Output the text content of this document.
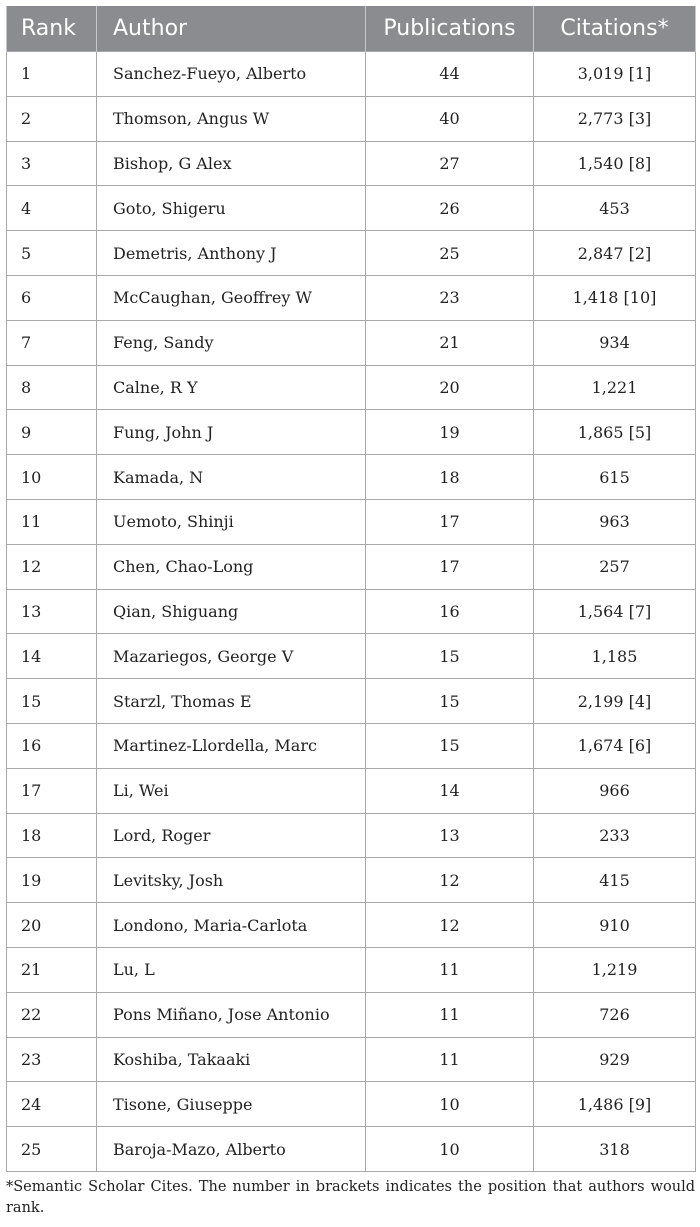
Rank	Author	Publications	Citations*
1	Sanchez-Fueyo, Alberto	44	3,019 [1]
2	Thomson, Angus W	40	2,773 [3]
3	Bishop, G Alex	27	1,540 [8]
4	Goto, Shigeru	26	453
5	Demetris, Anthony J	25	2,847 [2]
6	McCaughan, Geoffrey W	23	1,418 [10]
7	Feng, Sandy	21	934
8	Calne, R Y	20	1,221
9	Fung, John J	19	1,865 [5]
10	Kamada, N	18	615
11	Uemoto, Shinji	17	963
12	Chen, Chao-Long	17	257
13	Qian, Shiguang	16	1,564 [7]
14	Mazariegos, George V	15	1,185
15	Starzl, Thomas E	15	2,199 [4]
16	Martinez-Llordella, Marc	15	1,674 [6]
17	Li, Wei	14	966
18	Lord, Roger	13	233
19	Levitsky, Josh	12	415
20	Londono, Maria-Carlota	12	910
21	Lu, L	11	1,219
22	Pons Miñano, Jose Antonio	11	726
23	Koshiba, Takaaki	11	929
24	Tisone, Giuseppe	10	1,486 [9]
25	Baroja-Mazo, Alberto	10	318
*Semantic Scholar Cites. The number in brackets indicates the position that authors would rank.
